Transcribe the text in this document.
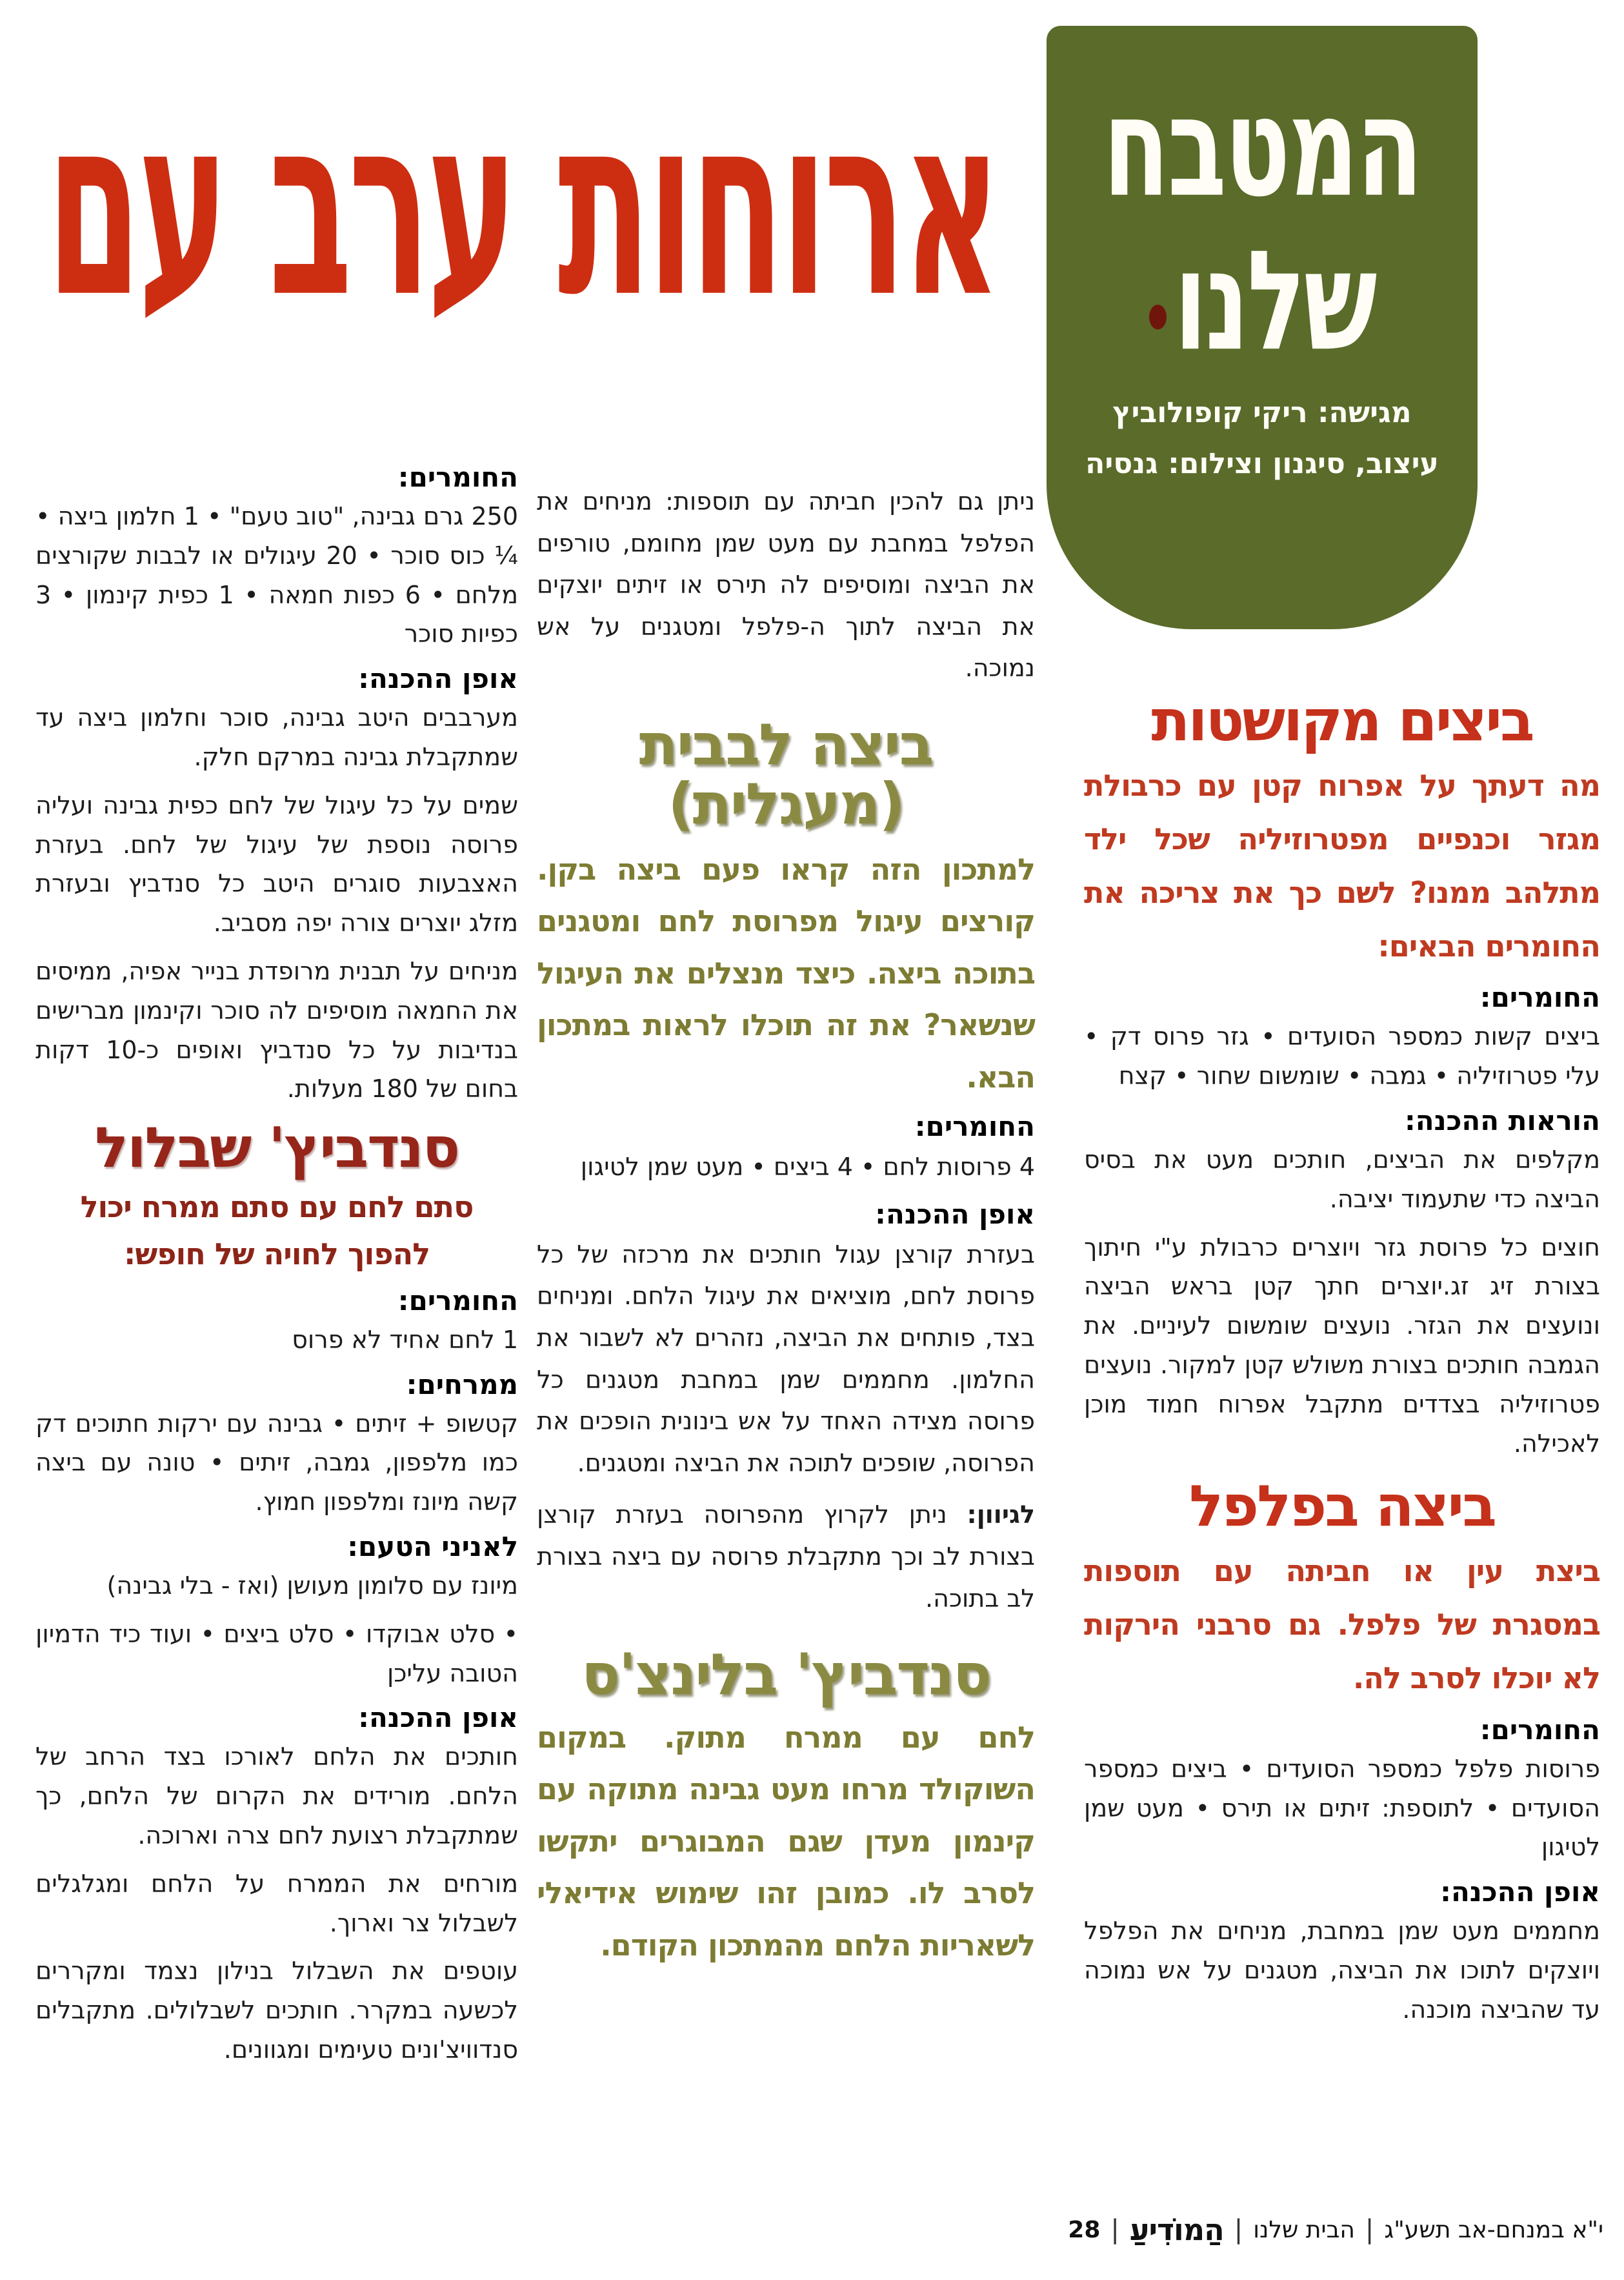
ארוחות ערב עם	המטבח
שלנו
מגישה: ריקי קופולוביץ
עיצוב, סיגנון וצילום: גנסיה
ביצים מקושטות
מה דעתך על אפרוח קטן עם כרבולת מגזר וכנפיים מפטרוזיליה שכל ילד מתלהב ממנו? לשם כך את צריכה את החומרים הבאים:
החומרים:
ביצים קשות כמספר הסועדים • גזר פרוס דק • עלי פטרוזיליה • גמבה • שומשום שחור • קצח
הוראות ההכנה:
מקלפים את הביצים, חותכים מעט את בסיס הביצה כדי שתעמוד יציבה.
חוצים כל פרוסת גזר ויוצרים כרבולת ע"י חיתוך בצורת זיג זג.יוצרים חתך קטן בראש הביצה ונועצים את הגזר. נועצים שומשום לעיניים. את הגמבה חותכים בצורת משולש קטן למקור. נועצים פטרוזיליה בצדדים מתקבל אפרוח חמוד מוכן לאכילה.
ביצה בפלפל
ביצת עין או חביתה עם תוספות במסגרת של פלפל. גם סרבני הירקות לא יוכלו לסרב לה.
החומרים:
פרוסות פלפל כמספר הסועדים • ביצים כמספר הסועדים • לתוספת: זיתים או תירס • מעט שמן לטיגון
אופן ההכנה:
מחממים מעט שמן במחבת, מניחים את הפלפל ויוצקים לתוכו את הביצה, מטגנים על אש נמוכה עד שהביצה מוכנה.
ניתן גם להכין חביתה עם תוספות: מניחים את הפלפל במחבת עם מעט שמן מחומם, טורפים את הביצה ומוסיפים לה תירס או זיתים יוצקים את הביצה לתוך ה-פלפל ומטגנים על אש נמוכה.
ביצה לבבית
(מעגלית)
למתכון הזה קראו פעם ביצה בקן. קורצים עיגול מפרוסת לחם ומטגנים בתוכה ביצה. כיצד מנצלים את העיגול שנשאר? את זה תוכלו לראות במתכון הבא.
החומרים:
4 פרוסות לחם • 4 ביצים • מעט שמן לטיגון
אופן ההכנה:
בעזרת קורצן עגול חותכים את מרכזה של כל פרוסת לחם, מוציאים את עיגול הלחם. ומניחים בצד, פותחים את הביצה, נזהרים לא לשבור את החלמון. מחממים שמן במחבת מטגנים כל פרוסה מצידה האחד על אש בינונית הופכים את הפרוסה, שופכים לתוכה את הביצה ומטגנים.
לגיוון: ניתן לקרוץ מהפרוסה בעזרת קורצן בצורת לב וכך מתקבלת פרוסה עם ביצה בצורת לב בתוכה.
סנדביץ' בלינצ'ס
לחם עם ממרח מתוק. במקום השוקולד מרחו מעט גבינה מתוקה עם קינמון מעדן שגם המבוגרים יתקשו לסרב לו. כמובן זהו שימוש אידיאלי לשאריות הלחם מהמתכון הקודם.
החומרים:
250 גרם גבינה, "טוב טעם" • 1 חלמון ביצה • ¼ כוס סוכר • 20 עיגולים או לבבות שקורצים מלחם • 6 כפות חמאה • 1 כפית קינמון • 3 כפיות סוכר
אופן ההכנה:
מערבבים היטב גבינה, סוכר וחלמון ביצה עד שמתקבלת גבינה במרקם חלק.
שמים על כל עיגול של לחם כפית גבינה ועליה פרוסה נוספת של עיגול של לחם. בעזרת האצבעות סוגרים היטב כל סנדביץ ובעזרת מזלג יוצרים צורה יפה מסביב.
מניחים על תבנית מרופדת בנייר אפיה, ממיסים את החמאה מוסיפים לה סוכר וקינמון מברישים בנדיבות על כל סנדביץ ואופים כ-10 דקות בחום של 180 מעלות.
סנדביץ' שבלול
סתם לחם עם סתם ממרח יכול להפוך לחויה של חופש:
החומרים:
1 לחם אחיד לא פרוס
ממרחים:
קטשופ + זיתים • גבינה עם ירקות חתוכים דק כמו מלפפון, גמבה, זיתים • טונה עם ביצה קשה מיונז ומלפפון חמוץ.
לאניני הטעם:
מיונז עם סלומון מעושן (ואז - בלי גבינה)
• סלט אבוקדו • סלט ביצים • ועוד כיד הדמיון הטובה עליכן
אופן ההכנה:
חותכים את הלחם לאורכו בצד הרחב של הלחם. מורידים את הקרום של הלחם, כך שמתקבלת רצועת לחם צרה וארוכה.
מורחים את הממרח על הלחם ומגלגלים לשבלול צר וארוך.
עוטפים את השבלול בנילון נצמד ומקררים לכשעה במקרר. חותכים לשבלולים. מתקבלים סנדוויצ'ונים טעימים ומגוונים.
28 | הַמוֹדִיעַ | הבית שלנו | י"א במנחם-אב תשע"ג
